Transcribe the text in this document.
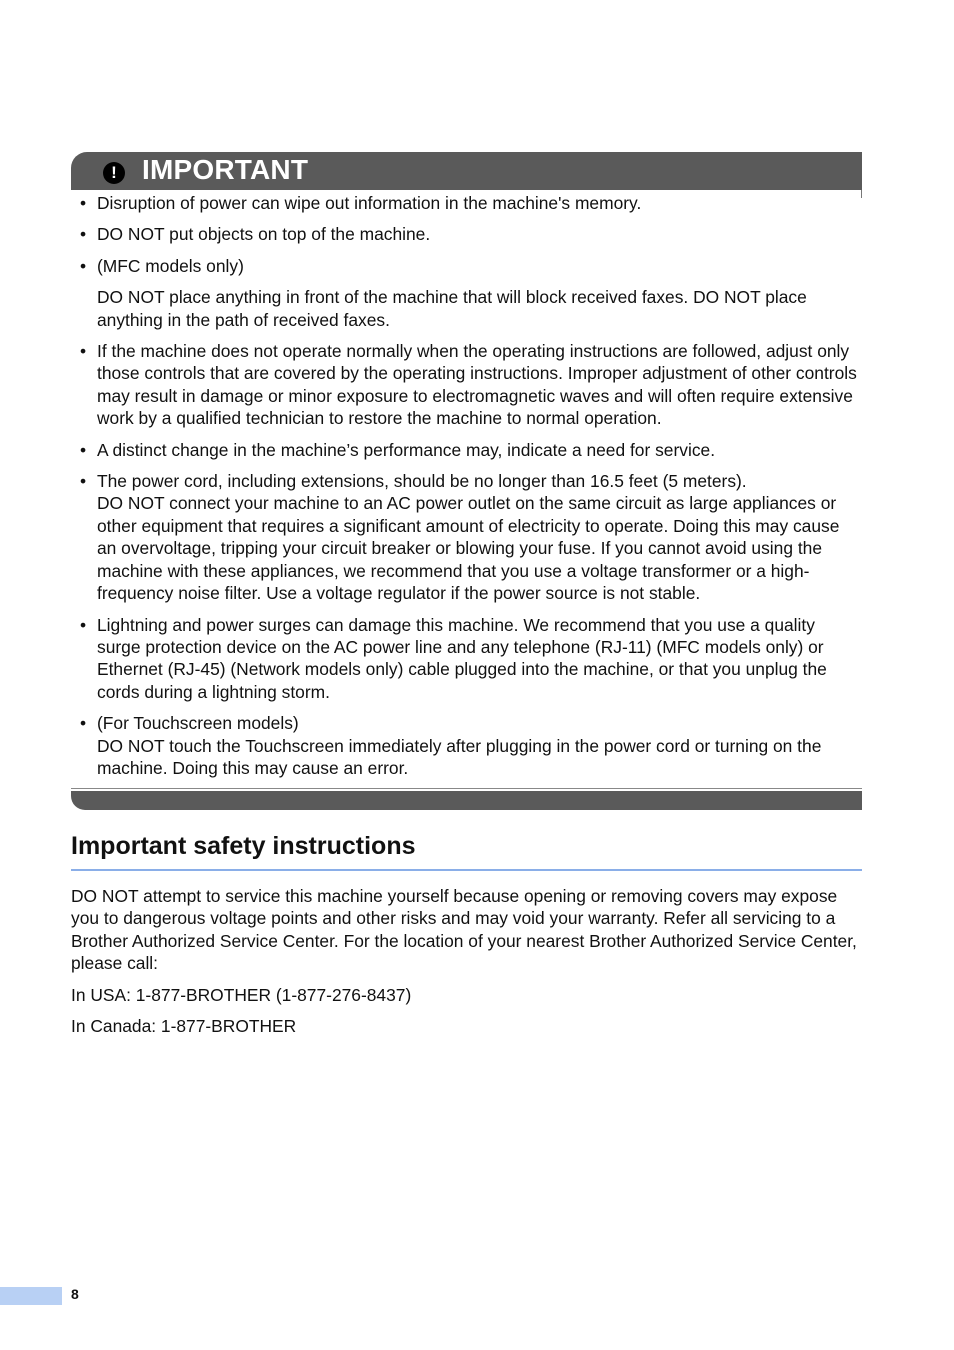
! IMPORTANT
• Disruption of power can wipe out information in the machine's memory.

• DO NOT put objects on top of the machine.

• (MFC models only)

DO NOT place anything in front of the machine that will block received faxes. DO NOT place anything in the path of received faxes.

• If the machine does not operate normally when the operating instructions are followed, adjust only those controls that are covered by the operating instructions. Improper adjustment of other controls may result in damage or minor exposure to electromagnetic waves and will often require extensive work by a qualified technician to restore the machine to normal operation.

• A distinct change in the machine’s performance may, indicate a need for service.

• The power cord, including extensions, should be no longer than 16.5 feet (5 meters).
DO NOT connect your machine to an AC power outlet on the same circuit as large appliances or other equipment that requires a significant amount of electricity to operate. Doing this may cause an overvoltage, tripping your circuit breaker or blowing your fuse. If you cannot avoid using the machine with these appliances, we recommend that you use a voltage transformer or a high-frequency noise filter. Use a voltage regulator if the power source is not stable.
• Lightning and power surges can damage this machine. We recommend that you use a quality surge protection device on the AC power line and any telephone (RJ-11) (MFC models only) or Ethernet (RJ-45) (Network models only) cable plugged into the machine, or that you unplug the cords during a lightning storm.

• (For Touchscreen models)
DO NOT touch the Touchscreen immediately after plugging in the power cord or turning on the machine. Doing this may cause an error.
Important safety instructions

DO NOT attempt to service this machine yourself because opening or removing covers may expose you to dangerous voltage points and other risks and may void your warranty. Refer all servicing to a Brother Authorized Service Center. For the location of your nearest Brother Authorized Service Center, please call:

In USA: 1-877-BROTHER (1-877-276-8437)

In Canada: 1-877-BROTHER

8
